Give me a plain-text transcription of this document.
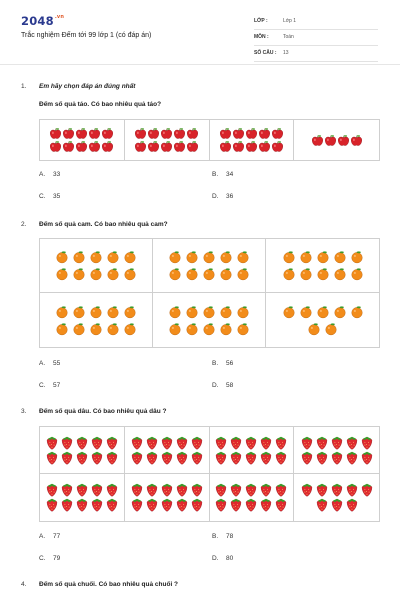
$2048^{.vn}$
Trắc nghiệm Đếm tới 99 lớp 1 (có đáp án)
LỚP :	Lớp 1
MÔN :	Toán
SỐ CÂU : 13
1. Em hãy chọn đáp án đúng nhất
Đếm số quả táo. Có bao nhiêu quả táo?
A. 33	B. 34
C. 35	D. 36
2. Đếm số quả cam. Có bao nhiêu quả cam?
A. 55	B. 56
C. 57	D. 58
3. Đếm số quả dâu. Có bao nhiêu quả dâu ?
A. 77	B. 78
C. 79	D. 80
4. Đếm số quả chuối. Có bao nhiêu quả chuối ?
